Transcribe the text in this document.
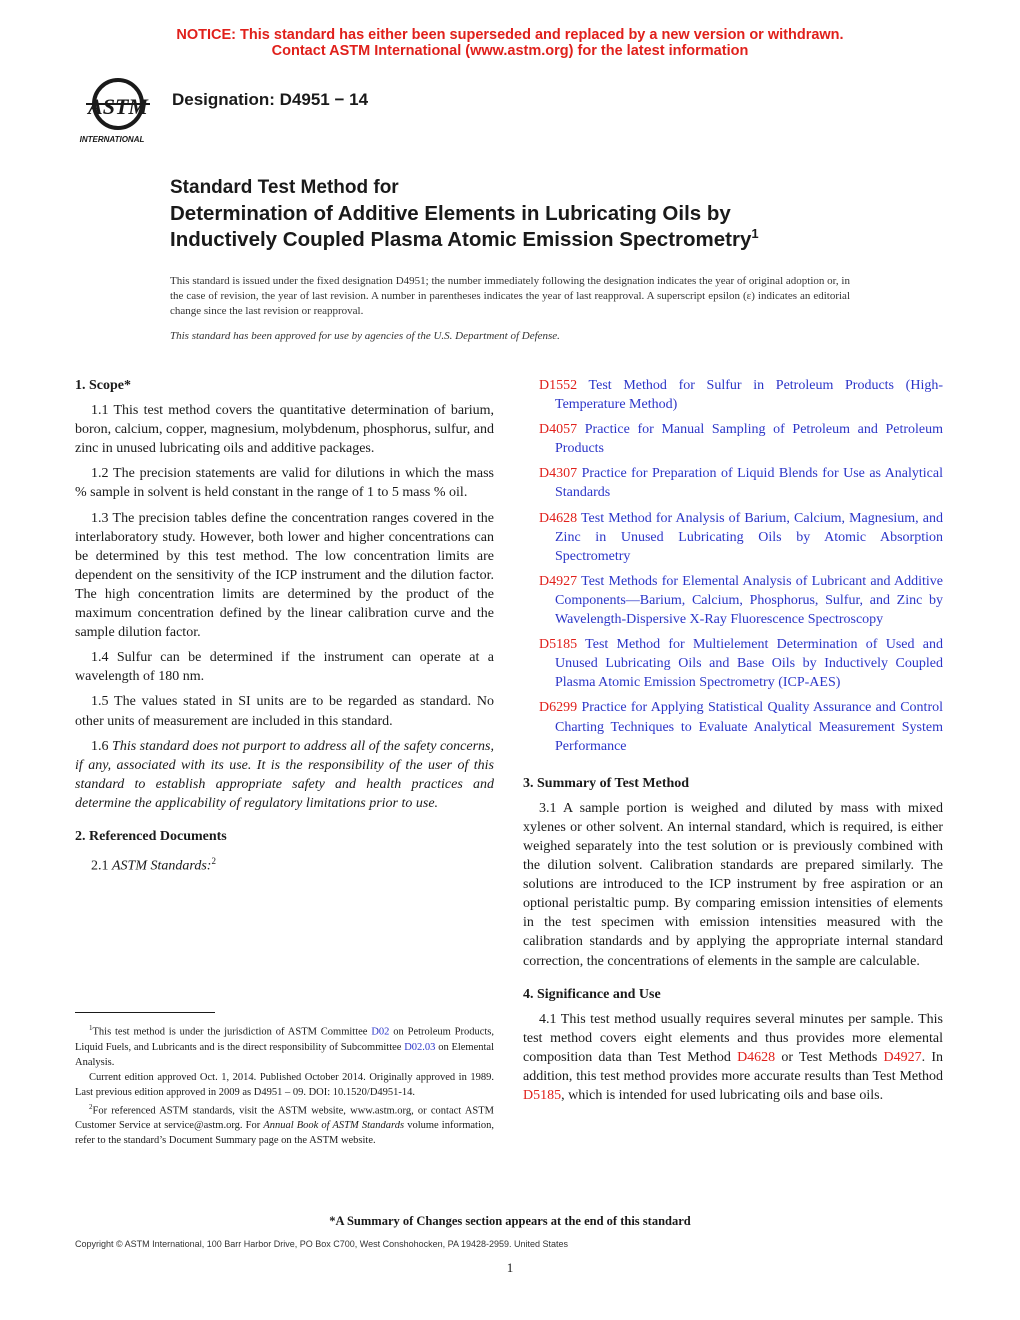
NOTICE: This standard has either been superseded and replaced by a new version or withdrawn.
Contact ASTM International (www.astm.org) for the latest information
ASTM
INTERNATIONAL
Designation: D4951 − 14
Standard Test Method for
Determination of Additive Elements in Lubricating Oils by
Inductively Coupled Plasma Atomic Emission Spectrometry$^1$
This standard is issued under the fixed designation D4951; the number immediately following the designation indicates the year of original adoption or, in the case of revision, the year of last revision. A number in parentheses indicates the year of last reapproval. A superscript epsilon (ε) indicates an editorial change since the last revision or reapproval.
This standard has been approved for use by agencies of the U.S. Department of Defense.
1. Scope*

1.1 This test method covers the quantitative determination of barium, boron, calcium, copper, magnesium, molybdenum, phosphorus, sulfur, and zinc in unused lubricating oils and additive packages.

1.2 The precision statements are valid for dilutions in which the mass % sample in solvent is held constant in the range of 1 to 5 mass % oil.

1.3 The precision tables define the concentration ranges covered in the interlaboratory study. However, both lower and higher concentrations can be determined by this test method. The low concentration limits are dependent on the sensitivity of the ICP instrument and the dilution factor. The high concentration limits are determined by the product of the maximum concentration defined by the linear calibration curve and the sample dilution factor.

1.4 Sulfur can be determined if the instrument can operate at a wavelength of 180 nm.

1.5 The values stated in SI units are to be regarded as standard. No other units of measurement are included in this standard.

1.6 This standard does not purport to address all of the safety concerns, if any, associated with its use. It is the responsibility of the user of this standard to establish appropriate safety and health practices and determine the applicability of regulatory limitations prior to use.

2. Referenced Documents

2.1 ASTM Standards:$^2$

$^1$This test method is under the jurisdiction of ASTM Committee D02 on Petroleum Products, Liquid Fuels, and Lubricants and is the direct responsibility of Subcommittee D02.03 on Elemental Analysis.

Current edition approved Oct. 1, 2014. Published October 2014. Originally approved in 1989. Last previous edition approved in 2009 as D4951 – 09. DOI: 10.1520/D4951-14.

$^2$For referenced ASTM standards, visit the ASTM website, www.astm.org, or contact ASTM Customer Service at service@astm.org. For Annual Book of ASTM Standards volume information, refer to the standard’s Document Summary page on the ASTM website.

D1552 Test Method for Sulfur in Petroleum Products (High-Temperature Method)

D4057 Practice for Manual Sampling of Petroleum and Petroleum Products

D4307 Practice for Preparation of Liquid Blends for Use as Analytical Standards

D4628 Test Method for Analysis of Barium, Calcium, Magnesium, and Zinc in Unused Lubricating Oils by Atomic Absorption Spectrometry

D4927 Test Methods for Elemental Analysis of Lubricant and Additive Components—Barium, Calcium, Phosphorus, Sulfur, and Zinc by Wavelength-Dispersive X-Ray Fluorescence Spectroscopy

D5185 Test Method for Multielement Determination of Used and Unused Lubricating Oils and Base Oils by Inductively Coupled Plasma Atomic Emission Spectrometry (ICP-AES)

D6299 Practice for Applying Statistical Quality Assurance and Control Charting Techniques to Evaluate Analytical Measurement System Performance

3. Summary of Test Method

3.1 A sample portion is weighed and diluted by mass with mixed xylenes or other solvent. An internal standard, which is required, is either weighed separately into the test solution or is previously combined with the dilution solvent. Calibration standards are prepared similarly. The solutions are introduced to the ICP instrument by free aspiration or an optional peristaltic pump. By comparing emission intensities of elements in the test specimen with emission intensities measured with the calibration standards and by applying the appropriate internal standard correction, the concentrations of elements in the sample are calculable.

4. Significance and Use

4.1 This test method usually requires several minutes per sample. This test method covers eight elements and thus provides more elemental composition data than Test Method D4628 or Test Methods D4927. In addition, this test method provides more accurate results than Test Method D5185, which is intended for used lubricating oils and base oils.

*A Summary of Changes section appears at the end of this standard
Copyright © ASTM International, 100 Barr Harbor Drive, PO Box C700, West Conshohocken, PA 19428-2959. United States
1
